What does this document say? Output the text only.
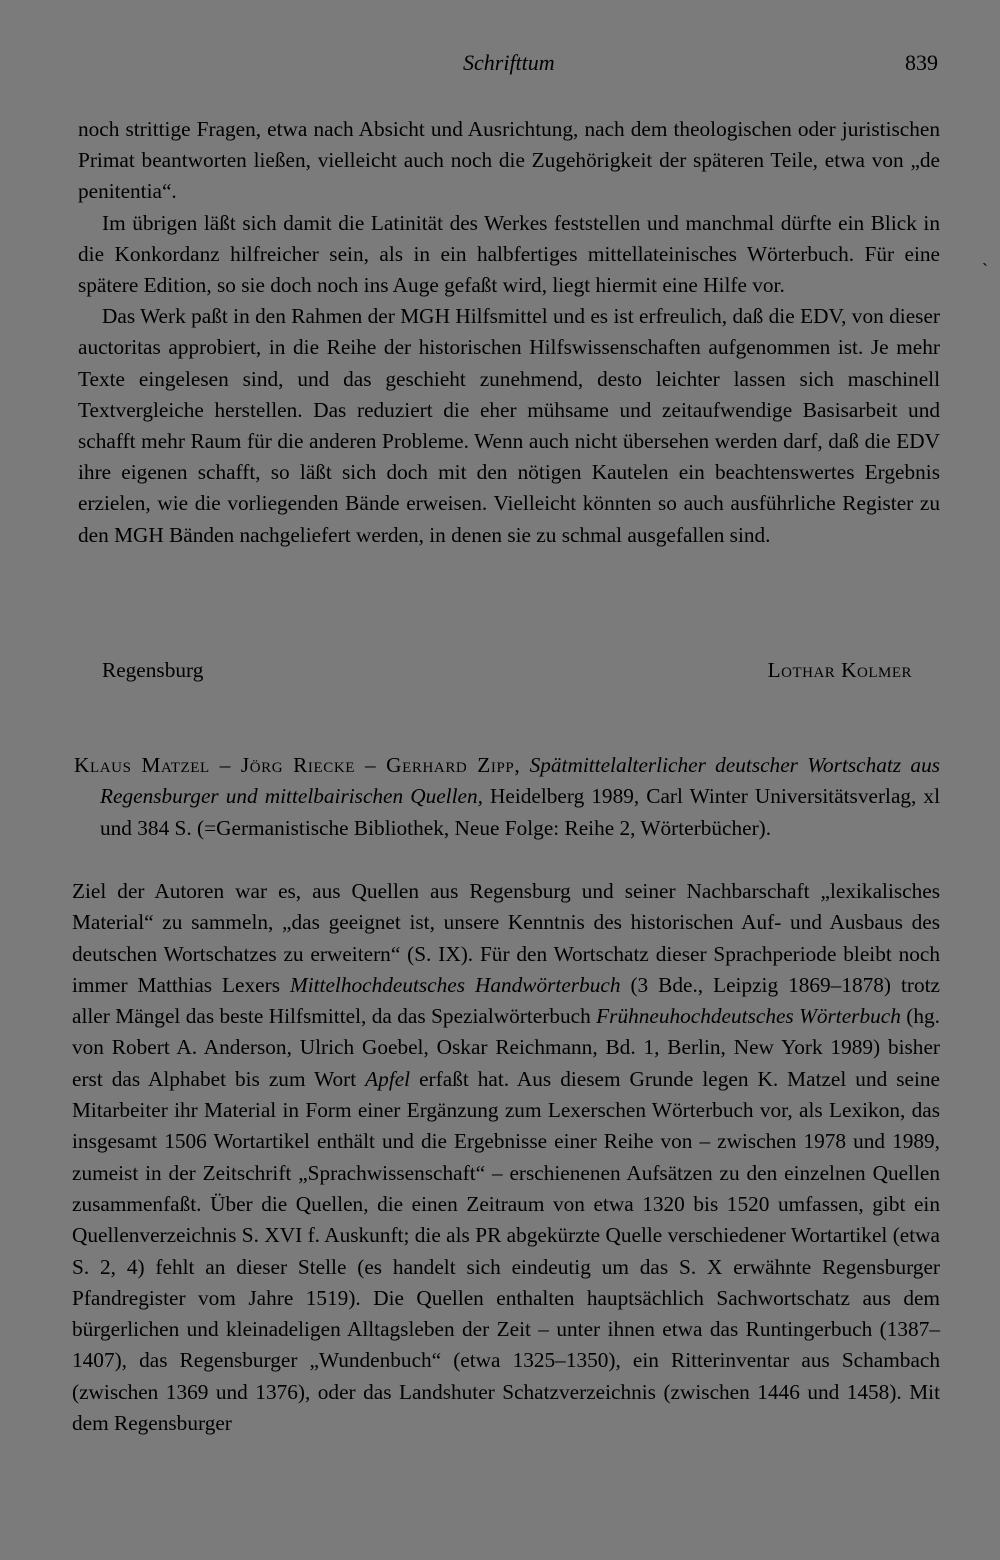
Schrifttum	839
ˏ

noch strittige Fragen, etwa nach Absicht und Ausrichtung, nach dem theologischen oder juristischen Primat beantworten ließen, vielleicht auch noch die Zugehörigkeit der späteren Teile, etwa von „de penitentia“.

Im übrigen läßt sich damit die Latinität des Werkes feststellen und manchmal dürfte ein Blick in die Konkordanz hilfreicher sein, als in ein halbfertiges mittellateinisches Wörterbuch. Für eine spätere Edition, so sie doch noch ins Auge gefaßt wird, liegt hiermit eine Hilfe vor.

Das Werk paßt in den Rahmen der MGH Hilfsmittel und es ist erfreulich, daß die EDV, von dieser auctoritas approbiert, in die Reihe der historischen Hilfswissenschaften aufgenommen ist. Je mehr Texte eingelesen sind, und das geschieht zunehmend, desto leichter lassen sich maschinell Textvergleiche herstellen. Das reduziert die eher mühsame und zeitaufwendige Basisarbeit und schafft mehr Raum für die anderen Probleme. Wenn auch nicht übersehen werden darf, daß die EDV ihre eigenen schafft, so läßt sich doch mit den nötigen Kautelen ein beachtenswertes Ergebnis erzielen, wie die vorliegenden Bände erweisen. Vielleicht könnten so auch ausführliche Register zu den MGH Bänden nachgeliefert werden, in denen sie zu schmal ausgefallen sind.

Regensburg	Lothar Kolmer

Klaus Matzel – Jörg Riecke – Gerhard Zipp, Spätmittelalterlicher deutscher Wortschatz aus Regensburger und mittelbairischen Quellen, Heidelberg 1989, Carl Winter Universitätsverlag, xl und 384 S. (=Germanistische Bibliothek, Neue Folge: Reihe 2, Wörterbücher).

Ziel der Autoren war es, aus Quellen aus Regensburg und seiner Nachbarschaft „lexikalisches Material“ zu sammeln, „das geeignet ist, unsere Kenntnis des historischen Auf- und Ausbaus des deutschen Wortschatzes zu erweitern“ (S. IX). Für den Wortschatz dieser Sprachperiode bleibt noch immer Matthias Lexers Mittelhochdeutsches Handwörterbuch (3 Bde., Leipzig 1869–1878) trotz aller Mängel das beste Hilfsmittel, da das Spezialwörterbuch Frühneuhochdeutsches Wörterbuch (hg. von Robert A. Anderson, Ulrich Goebel, Oskar Reichmann, Bd. 1, Berlin, New York 1989) bisher erst das Alphabet bis zum Wort Apfel erfaßt hat. Aus diesem Grunde legen K. Matzel und seine Mitarbeiter ihr Material in Form einer Ergänzung zum Lexerschen Wörterbuch vor, als Lexikon, das insgesamt 1506 Wortartikel enthält und die Ergebnisse einer Reihe von – zwischen 1978 und 1989, zumeist in der Zeitschrift „Sprachwissenschaft“ – erschienenen Aufsätzen zu den einzelnen Quellen zusammenfaßt. Über die Quellen, die einen Zeitraum von etwa 1320 bis 1520 umfassen, gibt ein Quellenverzeichnis S. XVI f. Auskunft; die als PR abgekürzte Quelle verschiedener Wortartikel (etwa S. 2, 4) fehlt an dieser Stelle (es handelt sich eindeutig um das S. X erwähnte Regensburger Pfandregister vom Jahre 1519). Die Quellen enthalten hauptsächlich Sachwortschatz aus dem bürgerlichen und kleinadeligen Alltagsleben der Zeit – unter ihnen etwa das Runtingerbuch (1387–1407), das Regensburger „Wundenbuch“ (etwa 1325–1350), ein Ritterinventar aus Schambach (zwischen 1369 und 1376), oder das Landshuter Schatzverzeichnis (zwischen 1446 und 1458). Mit dem Regensburger
